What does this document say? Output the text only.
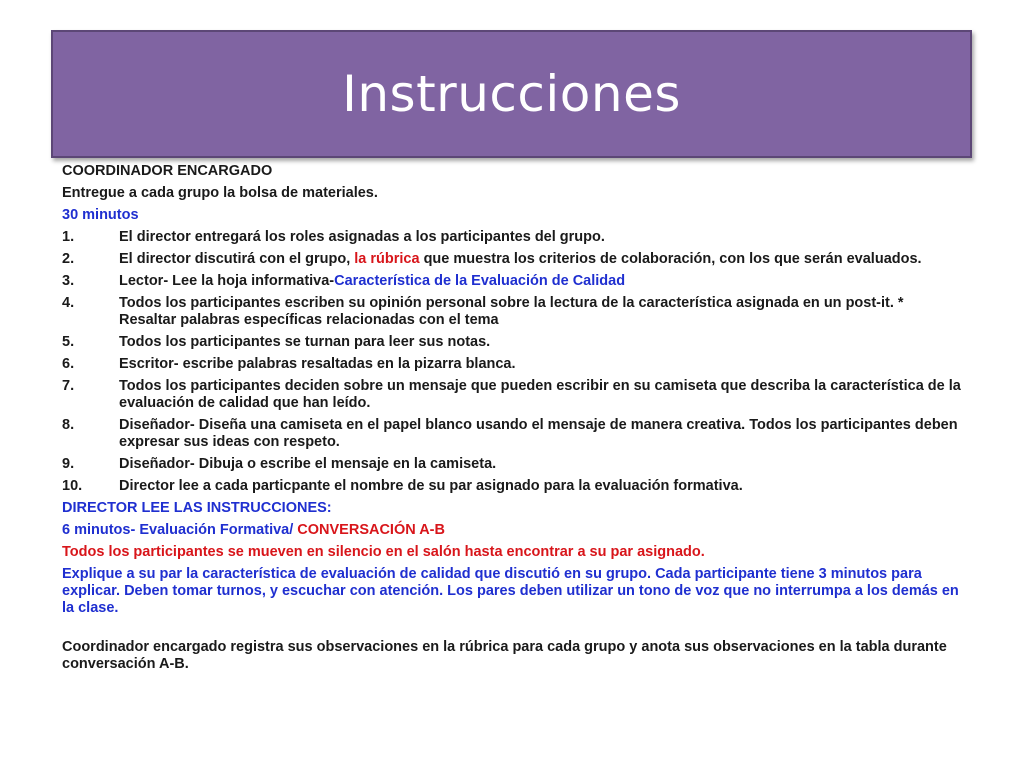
Instrucciones
COORDINADOR ENCARGADO
Entregue a cada grupo la bolsa de materiales.
30 minutos
1.	El director entregará los roles asignadas a los participantes del grupo.
2.	El director discutirá con el grupo, la rúbrica que muestra los criterios de colaboración, con los que serán evaluados.
3.	Lector- Lee la hoja informativa-Característica de la Evaluación de Calidad
4.	Todos los participantes escriben su opinión personal sobre la lectura de la característica asignada en un post-it. * Resaltar palabras específicas relacionadas con el tema
5.	Todos los participantes se turnan para leer sus notas.
6.	Escritor- escribe palabras resaltadas en la pizarra blanca.
7.	Todos los participantes deciden sobre un mensaje que pueden escribir en su camiseta que describa la característica de la evaluación de calidad que han leído.
8.	Diseñador- Diseña una camiseta en el papel blanco usando el mensaje de manera creativa. Todos los participantes deben expresar sus ideas con respeto.
9.	Diseñador- Dibuja o escribe el mensaje en la camiseta.
10.	Director lee a cada particpante el nombre de su par asignado para la evaluación formativa.
DIRECTOR LEE LAS INSTRUCCIONES:
6 minutos- Evaluación Formativa/ CONVERSACIÓN A-B
Todos los participantes se mueven en silencio en el salón hasta encontrar a su par asignado.
Explique a su par la característica de evaluación de calidad que discutió en su grupo. Cada participante tiene 3 minutos para explicar. Deben tomar turnos, y escuchar con atención. Los pares deben utilizar un tono de voz que no interrumpa a los demás en la clase.
Coordinador encargado registra sus observaciones en la rúbrica para cada grupo y anota sus observaciones en la tabla durante conversación A-B.
